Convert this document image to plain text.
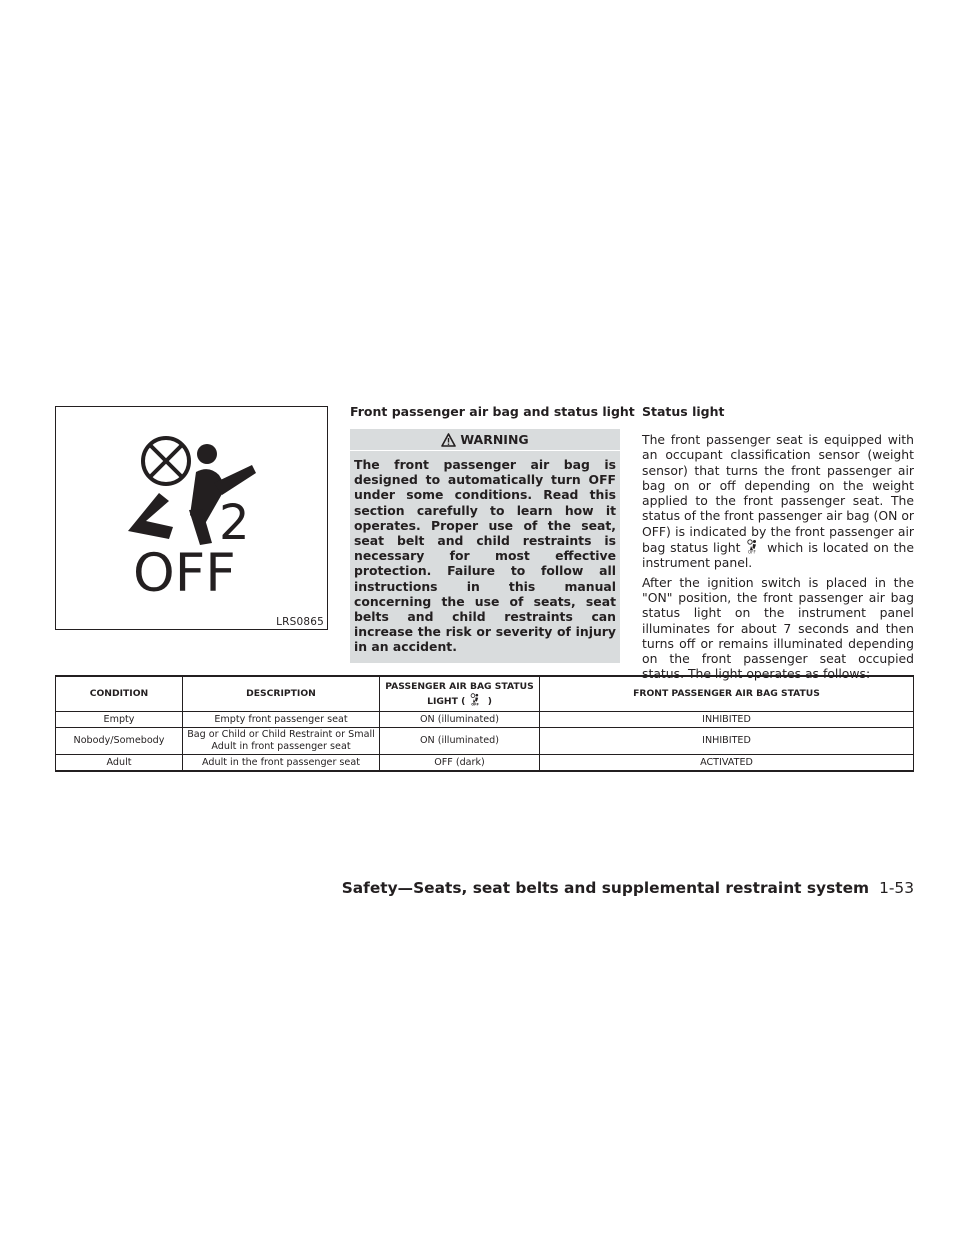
2
OFF
LRS0865
Front passenger air bag and status light
WARNING
The front passenger air bag is designed to automatically turn OFF under some conditions. Read this section carefully to learn how it operates. Proper use of the seat, seat belt and child restraints is necessary for most effective protection. Failure to follow all instructions in this manual concerning the use of seats, seat belts and child restraints can increase the risk or severity of injury in an accident.
Status light

The front passenger seat is equipped with an occupant classification sensor (weight sensor) that turns the front passenger air bag on or off depending on the weight applied to the front passenger seat. The status of the front passenger air bag (ON or OFF) is indicated by the front passenger air bag status light OFF which is located on the instrument panel.

After the ignition switch is placed in the "ON" position, the front passenger air bag status light on the instrument panel illuminates for about 7 seconds and then turns off or remains illuminated depending on the front passenger seat occupied status. The light operates as follows:

CONDITION	DESCRIPTION	PASSENGER AIR BAG STATUS LIGHT ( OFF )	FRONT PASSENGER AIR BAG STATUS
Empty	Empty front passenger seat	ON (illuminated)	INHIBITED
Nobody/Somebody	Bag or Child or Child Restraint or Small Adult in front passenger seat	ON (illuminated)	INHIBITED
Adult	Adult in the front passenger seat	OFF (dark)	ACTIVATED
Safety—Seats, seat belts and supplemental restraint system 1-53
